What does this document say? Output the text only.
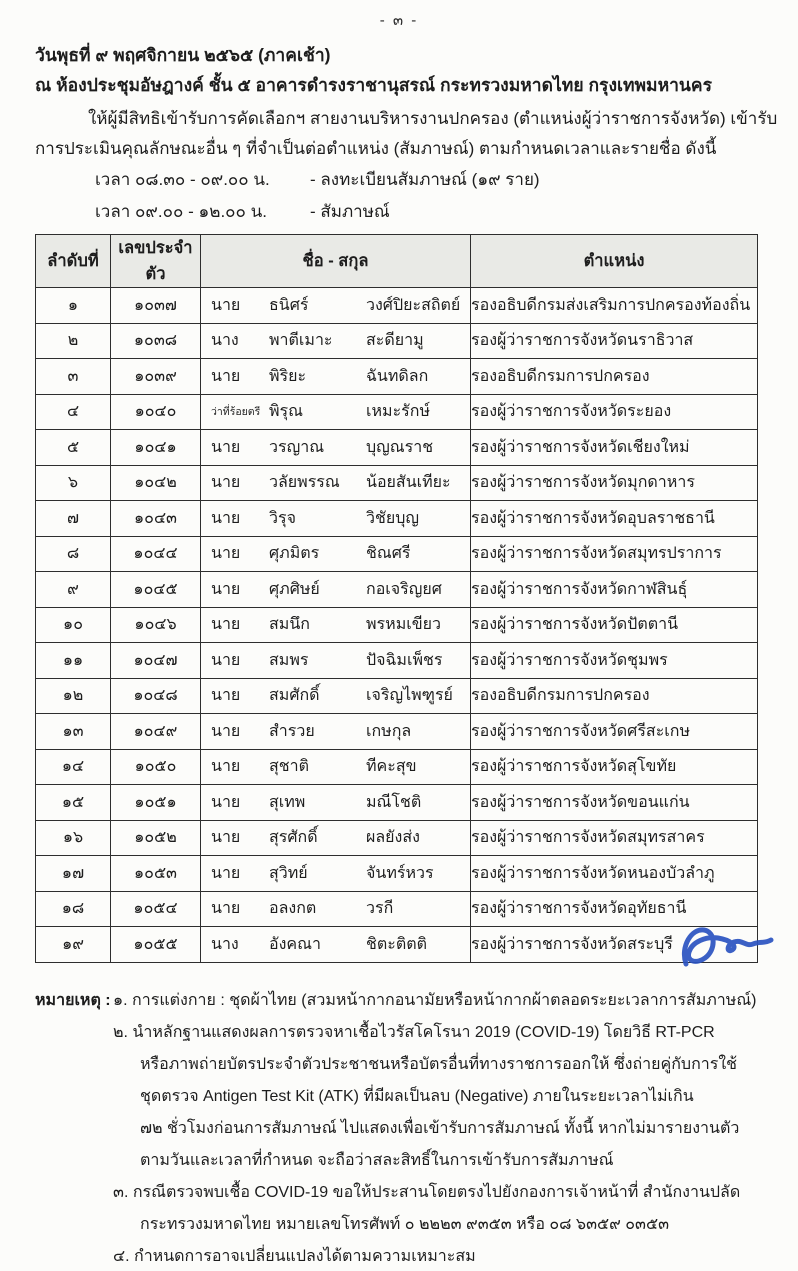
- ๓ -
วันพุธที่ ๙ พฤศจิกายน ๒๕๖๕ (ภาคเช้า)
ณ ห้องประชุมอัษฎางค์ ชั้น ๕ อาคารดำรงราชานุสรณ์ กระทรวงมหาดไทย กรุงเทพมหานคร
ให้ผู้มีสิทธิเข้ารับการคัดเลือกฯ สายงานบริหารงานปกครอง (ตำแหน่งผู้ว่าราชการจังหวัด) เข้ารับ
การประเมินคุณลักษณะอื่น ๆ ที่จำเป็นต่อตำแหน่ง (สัมภาษณ์) ตามกำหนดเวลาและรายชื่อ ดังนี้
เวลา ๐๘.๓๐ - ๐๙.๐๐ น.	- ลงทะเบียนสัมภาษณ์ (๑๙ ราย)
เวลา ๐๙.๐๐ - ๑๒.๐๐ น.	- สัมภาษณ์
ลำดับที่	เลขประจำตัว	ชื่อ - สกุล	ตำแหน่ง
๑	๑๐๓๗	นาย ธนิศร์ วงศ์ปิยะสถิตย์	รองอธิบดีกรมส่งเสริมการปกครองท้องถิ่น
๒	๑๐๓๘	นาง พาตีเมาะ สะดียามู	รองผู้ว่าราชการจังหวัดนราธิวาส
๓	๑๐๓๙	นาย พิริยะ ฉันทดิลก	รองอธิบดีกรมการปกครอง
๔	๑๐๔๐	ว่าที่ร้อยตรี พิรุณ เหมะรักษ์	รองผู้ว่าราชการจังหวัดระยอง
๕	๑๐๔๑	นาย วรญาณ บุญณราช	รองผู้ว่าราชการจังหวัดเชียงใหม่
๖	๑๐๔๒	นาย วลัยพรรณ น้อยสันเทียะ	รองผู้ว่าราชการจังหวัดมุกดาหาร
๗	๑๐๔๓	นาย วิรุจ วิชัยบุญ	รองผู้ว่าราชการจังหวัดอุบลราชธานี
๘	๑๐๔๔	นาย ศุภมิตร ชิณศรี	รองผู้ว่าราชการจังหวัดสมุทรปราการ
๙	๑๐๔๕	นาย ศุภศิษย์ กอเจริญยศ	รองผู้ว่าราชการจังหวัดกาฬสินธุ์
๑๐	๑๐๔๖	นาย สมนึก พรหมเขียว	รองผู้ว่าราชการจังหวัดปัตตานี
๑๑	๑๐๔๗	นาย สมพร ปัจฉิมเพ็ชร	รองผู้ว่าราชการจังหวัดชุมพร
๑๒	๑๐๔๘	นาย สมศักดิ์ เจริญไพฑูรย์	รองอธิบดีกรมการปกครอง
๑๓	๑๐๔๙	นาย สำรวย เกษกุล	รองผู้ว่าราชการจังหวัดศรีสะเกษ
๑๔	๑๐๕๐	นาย สุชาติ ทีคะสุข	รองผู้ว่าราชการจังหวัดสุโขทัย
๑๕	๑๐๕๑	นาย สุเทพ มณีโชติ	รองผู้ว่าราชการจังหวัดขอนแก่น
๑๖	๑๐๕๒	นาย สุรศักดิ์ ผลยังส่ง	รองผู้ว่าราชการจังหวัดสมุทรสาคร
๑๗	๑๐๕๓	นาย สุวิทย์ จันทร์หวร	รองผู้ว่าราชการจังหวัดหนองบัวลำภู
๑๘	๑๐๕๔	นาย อลงกต วรกี	รองผู้ว่าราชการจังหวัดอุทัยธานี
๑๙	๑๐๕๕	นาง อังคณา ชิตะติตติ	รองผู้ว่าราชการจังหวัดสระบุรี
หมายเหตุ : ๑. การแต่งกาย : ชุดผ้าไทย (สวมหน้ากากอนามัยหรือหน้ากากผ้าตลอดระยะเวลาการสัมภาษณ์)
๒. นำหลักฐานแสดงผลการตรวจหาเชื้อไวรัสโคโรนา 2019 (COVID-19) โดยวิธี RT-PCR
หรือภาพถ่ายบัตรประจำตัวประชาชนหรือบัตรอื่นที่ทางราชการออกให้ ซึ่งถ่ายคู่กับการใช้
ชุดตรวจ Antigen Test Kit (ATK) ที่มีผลเป็นลบ (Negative) ภายในระยะเวลาไม่เกิน
๗๒ ชั่วโมงก่อนการสัมภาษณ์ ไปแสดงเพื่อเข้ารับการสัมภาษณ์ ทั้งนี้ หากไม่มารายงานตัว
ตามวันและเวลาที่กำหนด จะถือว่าสละสิทธิ์ในการเข้ารับการสัมภาษณ์
๓. กรณีตรวจพบเชื้อ COVID-19 ขอให้ประสานโดยตรงไปยังกองการเจ้าหน้าที่ สำนักงานปลัด
กระทรวงมหาดไทย หมายเลขโทรศัพท์ ๐ ๒๒๒๓ ๙๓๕๓ หรือ ๐๘ ๖๓๕๙ ๐๓๕๓
๔. กำหนดการอาจเปลี่ยนแปลงได้ตามความเหมาะสม
